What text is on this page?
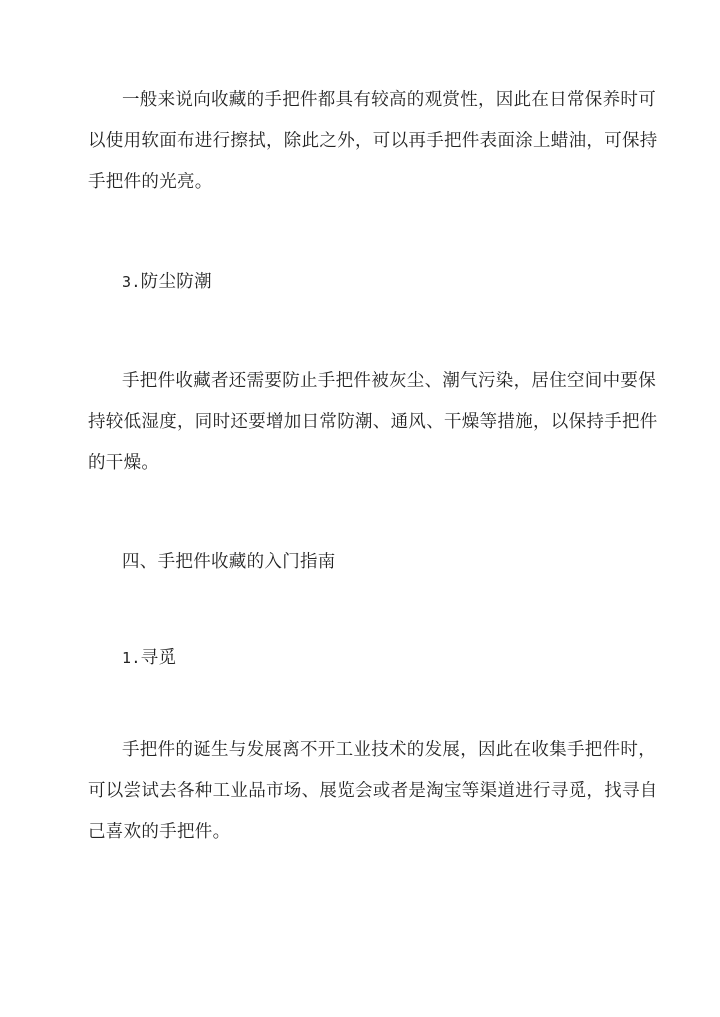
一般来说向收藏的手把件都具有较高的观赏性，因此在日常保养时可
以使用软面布进行擦拭，除此之外，可以再手把件表面涂上蜡油，可保持
手把件的光亮。

3.防尘防潮

手把件收藏者还需要防止手把件被灰尘、潮气污染，居住空间中要保
持较低湿度，同时还要增加日常防潮、通风、干燥等措施，以保持手把件
的干燥。

四、手把件收藏的入门指南

1.寻觅

手把件的诞生与发展离不开工业技术的发展，因此在收集手把件时，
可以尝试去各种工业品市场、展览会或者是淘宝等渠道进行寻觅，找寻自
己喜欢的手把件。
